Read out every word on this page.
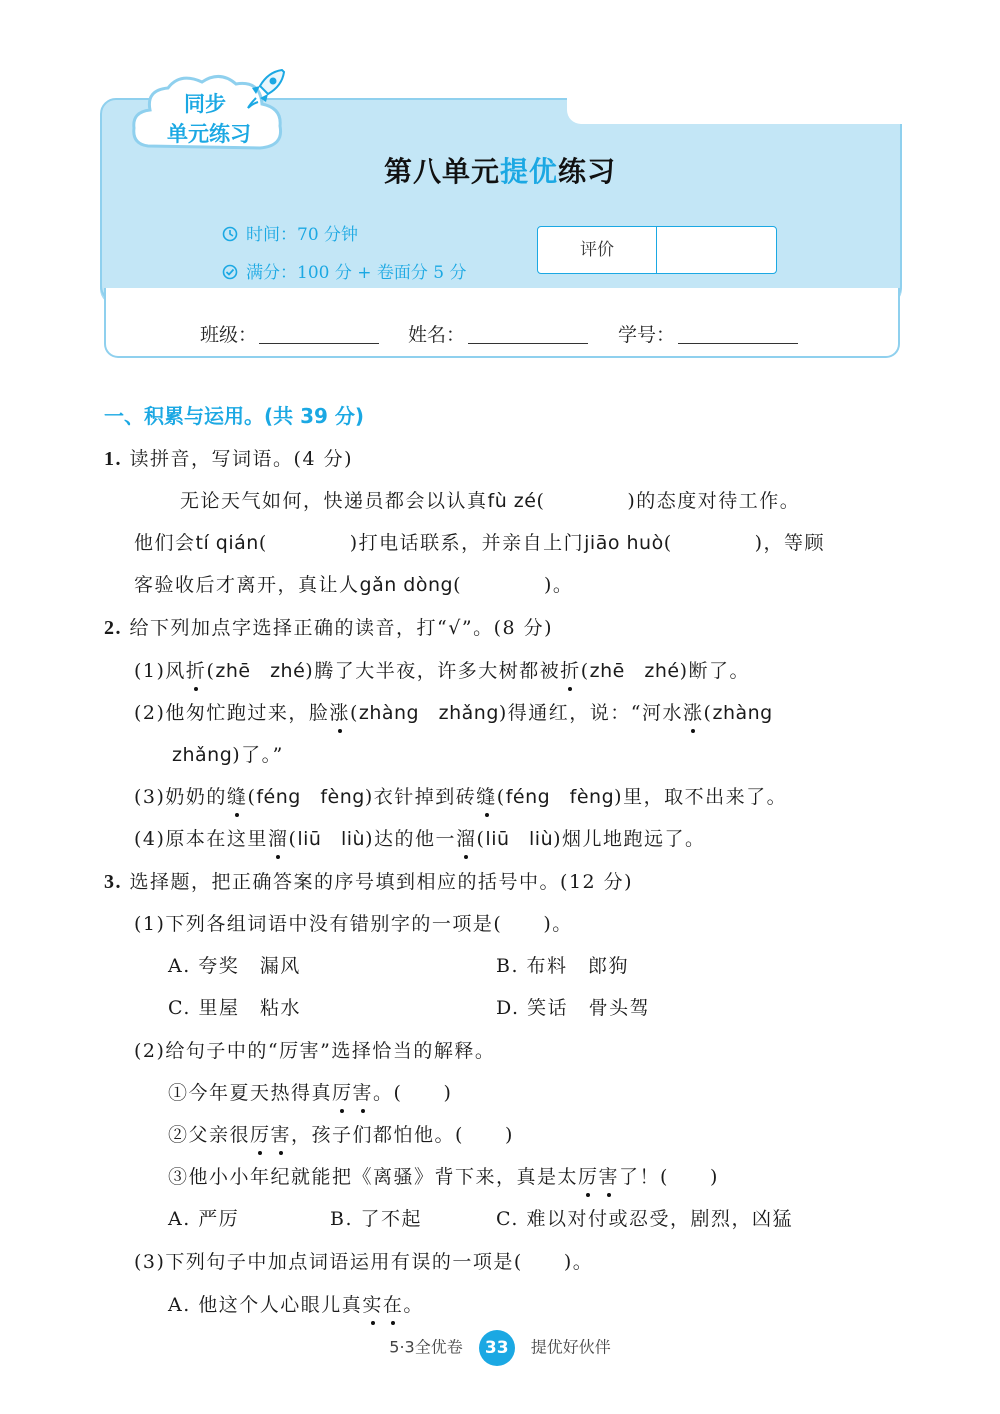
同步
单元练习
第八单元提优练习
时间：70 分钟
满分：100 分 + 卷面分 5 分
评价
班级：	姓名：	学号：
一、积累与运用。(共 39 分)
1. 读拼音，写词语。(4 分)
无论天气如何，快递员都会以认真fù zé(　　　　)的态度对待工作。
他们会tí qián(　　　　)打电话联系，并亲自上门jiāo huò(　　　　)，等顾
客验收后才离开，真让人gǎn dòng(　　　　)。
2. 给下列加点字选择正确的读音，打“√”。(8 分)
(1)风折(zhē　zhé)腾了大半夜，许多大树都被折(zhē　zhé)断了。
(2)他匆忙跑过来，脸涨(zhàng　zhǎng)得通红，说：“河水涨(zhàng
zhǎng)了。”
(3)奶奶的缝(féng　fèng)衣针掉到砖缝(féng　fèng)里，取不出来了。
(4)原本在这里溜(liū　liù)达的他一溜(liū　liù)烟儿地跑远了。
3. 选择题，把正确答案的序号填到相应的括号中。(12 分)
(1)下列各组词语中没有错别字的一项是(　　)。
A. 夸奖　漏风	B. 布料　郎狗
C. 里屋　粘水	D. 笑话　骨头驾
(2)给句子中的“厉害”选择恰当的解释。
①今年夏天热得真厉害。(　　)
②父亲很厉害，孩子们都怕他。(　　)
③他小小年纪就能把《离骚》背下来，真是太厉害了！(　　)
A. 严厉	B. 了不起	C. 难以对付或忍受，剧烈，凶猛
(3)下列句子中加点词语运用有误的一项是(　　)。
A. 他这个人心眼儿真实在。
5·3全优卷 33 提优好伙伴
